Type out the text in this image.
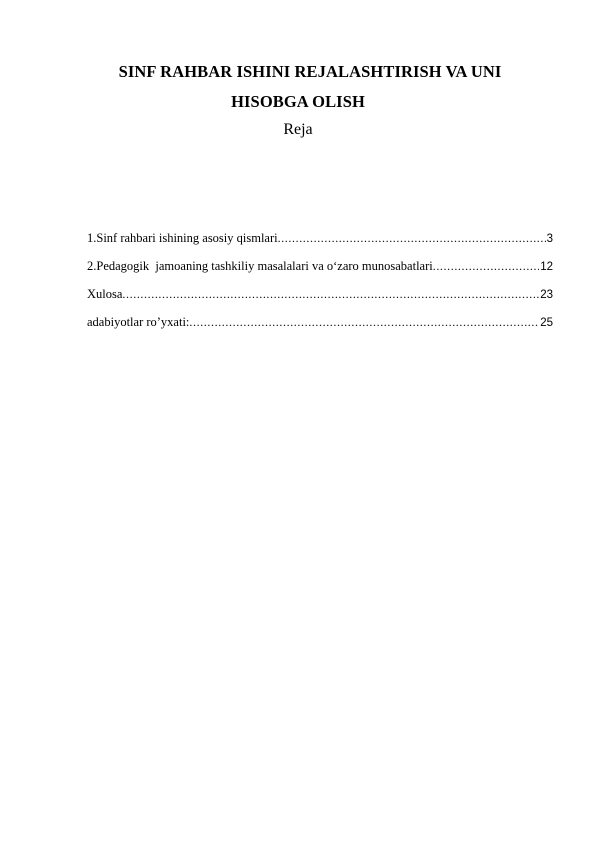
SINF RAHBAR ISHINI REJALASHTIRISH VA UNI
HISOBGA OLISH
Reja
1.Sinf rahbari ishining asosiy qismlari .....	3
2.Pedagogik  jamoaning tashkiliy masalalari va o‘zaro munosabatlari .....	12
Xulosa .....	23
adabiyotlar ro’yxati: .....	25
